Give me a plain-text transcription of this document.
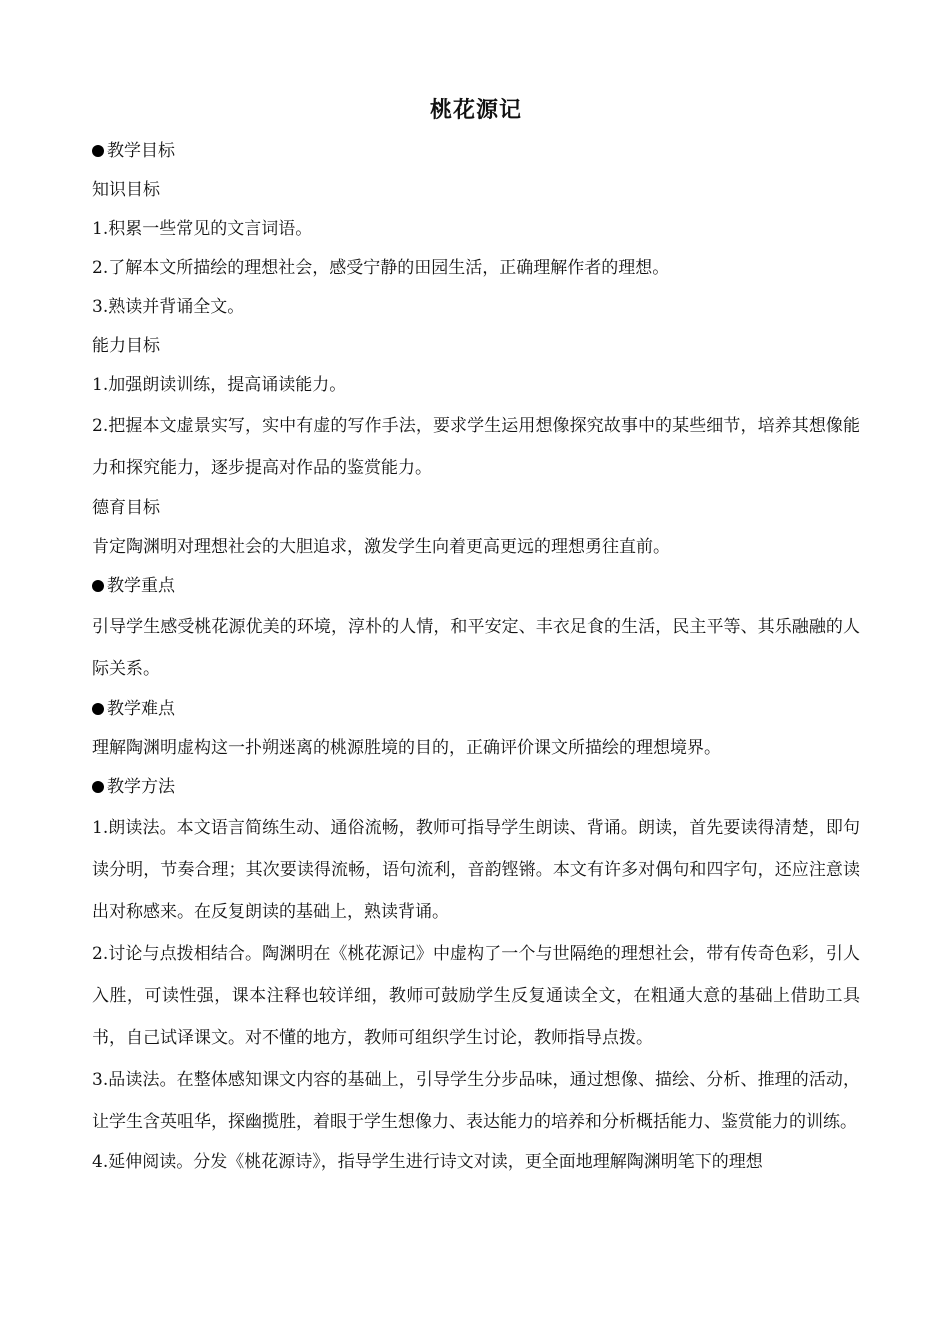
桃花源记

教学目标

知识目标

1.积累一些常见的文言词语。

2.了解本文所描绘的理想社会，感受宁静的田园生活，正确理解作者的理想。

3.熟读并背诵全文。

能力目标

1.加强朗读训练，提高诵读能力。

2.把握本文虚景实写，实中有虚的写作手法，要求学生运用想像探究故事中的某些细节，培养其想像能力和探究能力，逐步提高对作品的鉴赏能力。

德育目标

肯定陶渊明对理想社会的大胆追求，激发学生向着更高更远的理想勇往直前。

教学重点

引导学生感受桃花源优美的环境，淳朴的人情，和平安定、丰衣足食的生活，民主平等、其乐融融的人际关系。

教学难点

理解陶渊明虚构这一扑朔迷离的桃源胜境的目的，正确评价课文所描绘的理想境界。

教学方法

1.朗读法。本文语言简练生动、通俗流畅，教师可指导学生朗读、背诵。朗读，首先要读得清楚，即句读分明，节奏合理；其次要读得流畅，语句流利，音韵铿锵。本文有许多对偶句和四字句，还应注意读出对称感来。在反复朗读的基础上，熟读背诵。

2.讨论与点拨相结合。陶渊明在《桃花源记》中虚构了一个与世隔绝的理想社会，带有传奇色彩，引人入胜，可读性强，课本注释也较详细，教师可鼓励学生反复通读全文，在粗通大意的基础上借助工具书，自己试译课文。对不懂的地方，教师可组织学生讨论，教师指导点拨。

3.品读法。在整体感知课文内容的基础上，引导学生分步品味，通过想像、描绘、分析、推理的活动，让学生含英咀华，探幽揽胜，着眼于学生想像力、表达能力的培养和分析概括能力、鉴赏能力的训练。

4.延伸阅读。分发《桃花源诗》，指导学生进行诗文对读，更全面地理解陶渊明笔下的理想
